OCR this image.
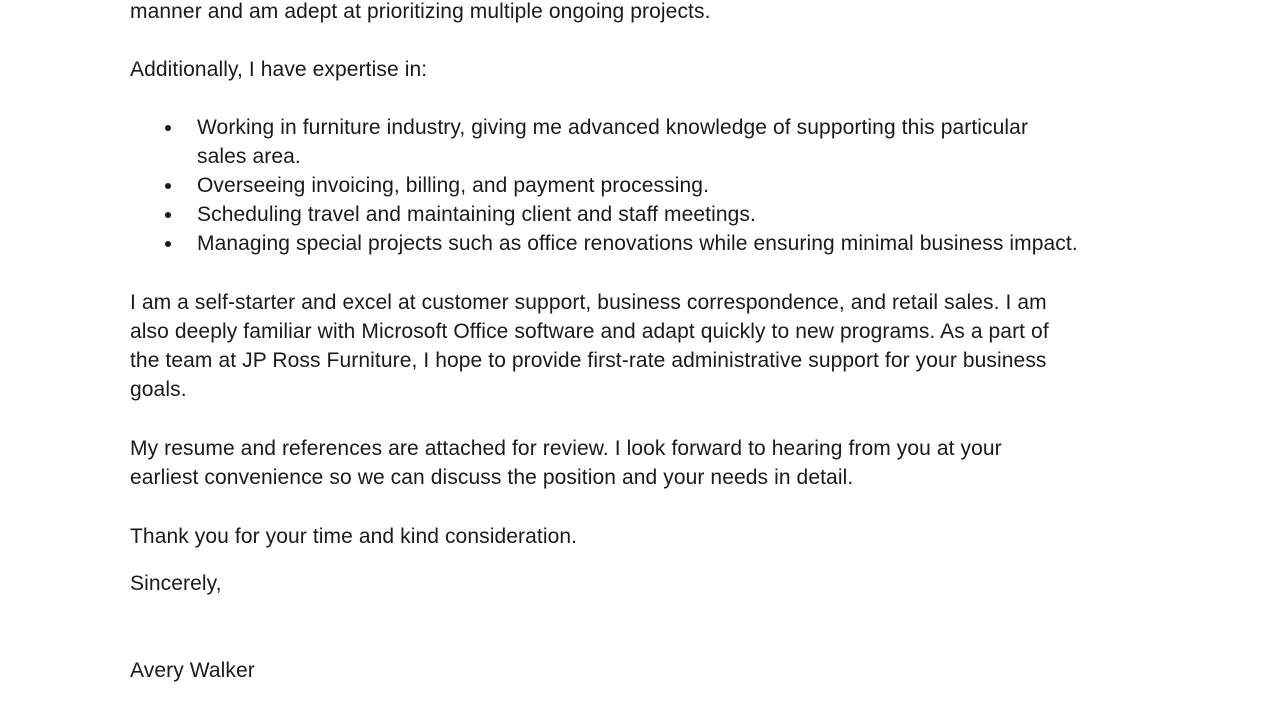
manner and am adept at prioritizing multiple ongoing projects.
Additionally, I have expertise in:
Working in furniture industry, giving me advanced knowledge of supporting this particular
sales area.
Overseeing invoicing, billing, and payment processing.
Scheduling travel and maintaining client and staff meetings.
Managing special projects such as office renovations while ensuring minimal business impact.
I am a self-starter and excel at customer support, business correspondence, and retail sales. I am
also deeply familiar with Microsoft Office software and adapt quickly to new programs. As a part of
the team at JP Ross Furniture, I hope to provide first-rate administrative support for your business
goals.
My resume and references are attached for review. I look forward to hearing from you at your
earliest convenience so we can discuss the position and your needs in detail.
Thank you for your time and kind consideration.
Sincerely,
Avery Walker
